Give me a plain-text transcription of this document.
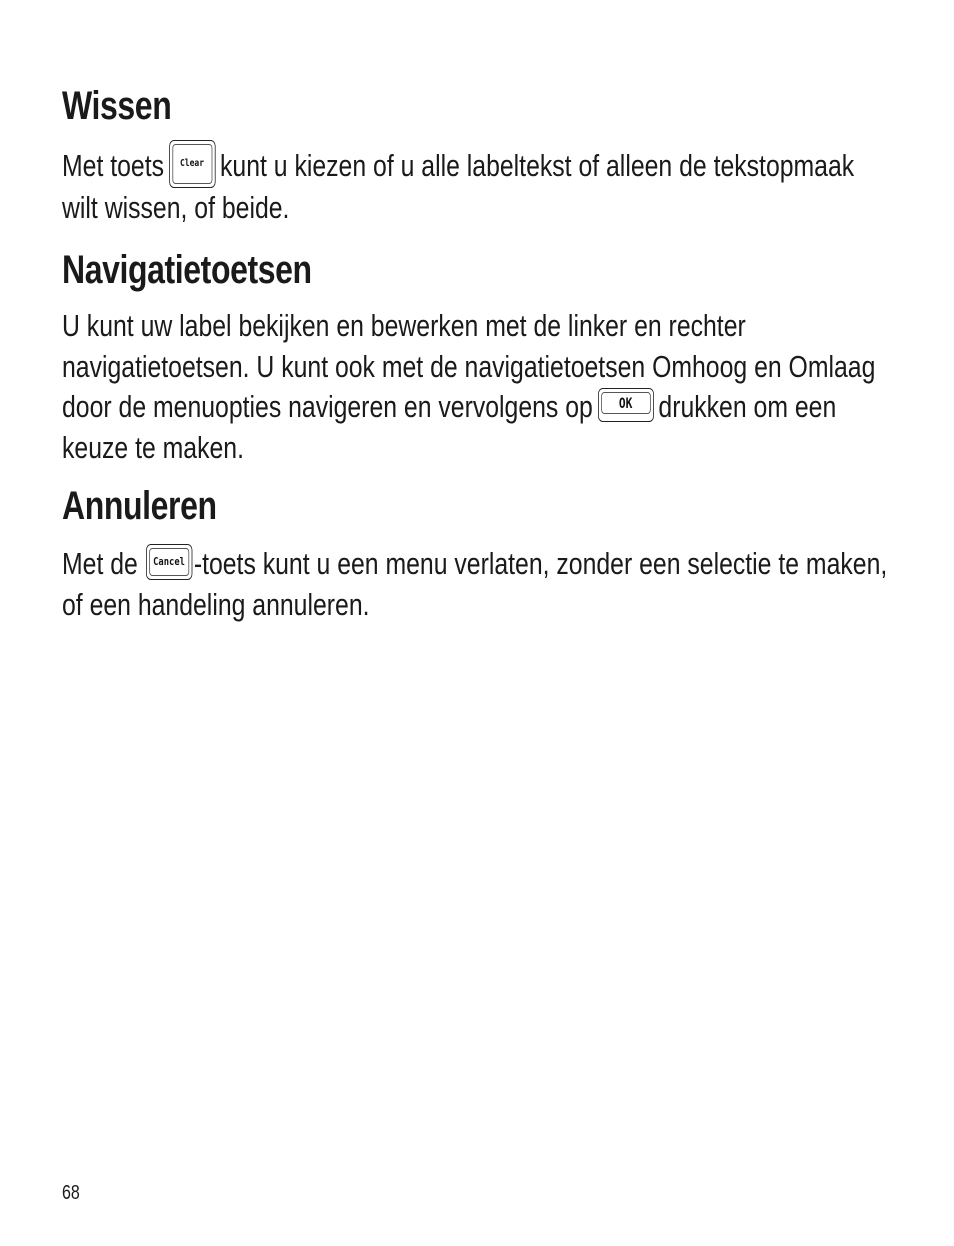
Wissen
Met toets Clear kunt u kiezen of u alle labeltekst of alleen de tekstopmaak
wilt wissen, of beide.
Navigatietoetsen
U kunt uw label bekijken en bewerken met de linker en rechter
navigatietoetsen. U kunt ook met de navigatietoetsen Omhoog en Omlaag
door de menuopties navigeren en vervolgens op OK drukken om een
keuze te maken.
Annuleren
Met de Cancel -toets kunt u een menu verlaten, zonder een selectie te maken,
of een handeling annuleren.
68
